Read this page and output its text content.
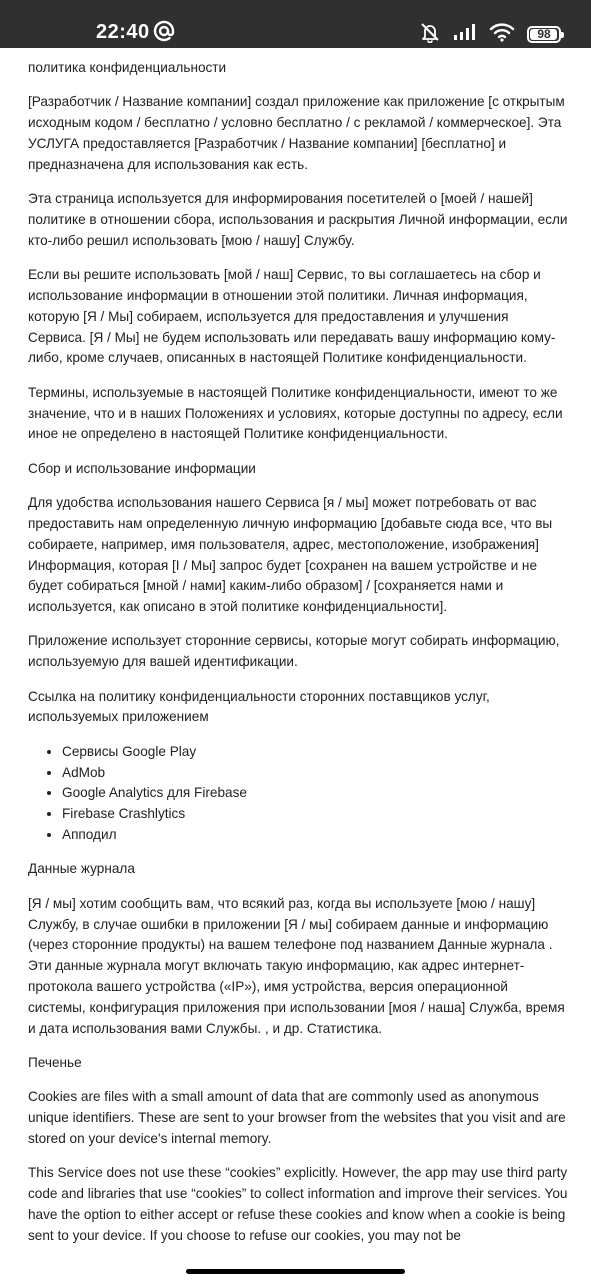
22:40	98

политика конфиденциальности

[Разработчик / Название компании] создал приложение как приложение [с открытым исходным кодом / бесплатно / условно бесплатно / с рекламой / коммерческое]. Эта УСЛУГА предоставляется [Разработчик / Название компании] [бесплатно] и предназначена для использования как есть.

Эта страница используется для информирования посетителей о [моей / нашей] политике в отношении сбора, использования и раскрытия Личной информации, если кто-либо решил использовать [мою / нашу] Службу.

Если вы решите использовать [мой / наш] Сервис, то вы соглашаетесь на сбор и использование информации в отношении этой политики. Личная информация, которую [Я / Мы] собираем, используется для предоставления и улучшения Сервиса. [Я / Мы] не будем использовать или передавать вашу информацию кому-либо, кроме случаев, описанных в настоящей Политике конфиденциальности.

Термины, используемые в настоящей Политике конфиденциальности, имеют то же значение, что и в наших Положениях и условиях, которые доступны по адресу, если иное не определено в настоящей Политике конфиденциальности.

Сбор и использование информации

Для удобства использования нашего Сервиса [я / мы] может потребовать от вас предоставить нам определенную личную информацию [добавьте сюда все, что вы собираете, например, имя пользователя, адрес, местоположение, изображения] Информация, которая [I / Мы] запрос будет [сохранен на вашем устройстве и не будет собираться [мной / нами] каким-либо образом] / [сохраняется нами и используется, как описано в этой политике конфиденциальности].

Приложение использует сторонние сервисы, которые могут собирать информацию, используемую для вашей идентификации.

Ссылка на политику конфиденциальности сторонних поставщиков услуг, используемых приложением

• Сервисы Google Play
• AdMob
• Google Analytics для Firebase
• Firebase Crashlytics
• Апподил

Данные журнала

[Я / мы] хотим сообщить вам, что всякий раз, когда вы используете [мою / нашу] Службу, в случае ошибки в приложении [Я / мы] собираем данные и информацию (через сторонние продукты) на вашем телефоне под названием Данные журнала . Эти данные журнала могут включать такую информацию, как адрес интернет-протокола вашего устройства («IP»), имя устройства, версия операционной системы, конфигурация приложения при использовании [моя / наша] Служба, время и дата использования вами Службы. , и др. Статистика.

Печенье

Cookies are files with a small amount of data that are commonly used as anonymous unique identifiers. These are sent to your browser from the websites that you visit and are stored on your device's internal memory.

This Service does not use these “cookies” explicitly. However, the app may use third party code and libraries that use “cookies” to collect information and improve their services. You have the option to either accept or refuse these cookies and know when a cookie is being sent to your device. If you choose to refuse our cookies, you may not be
